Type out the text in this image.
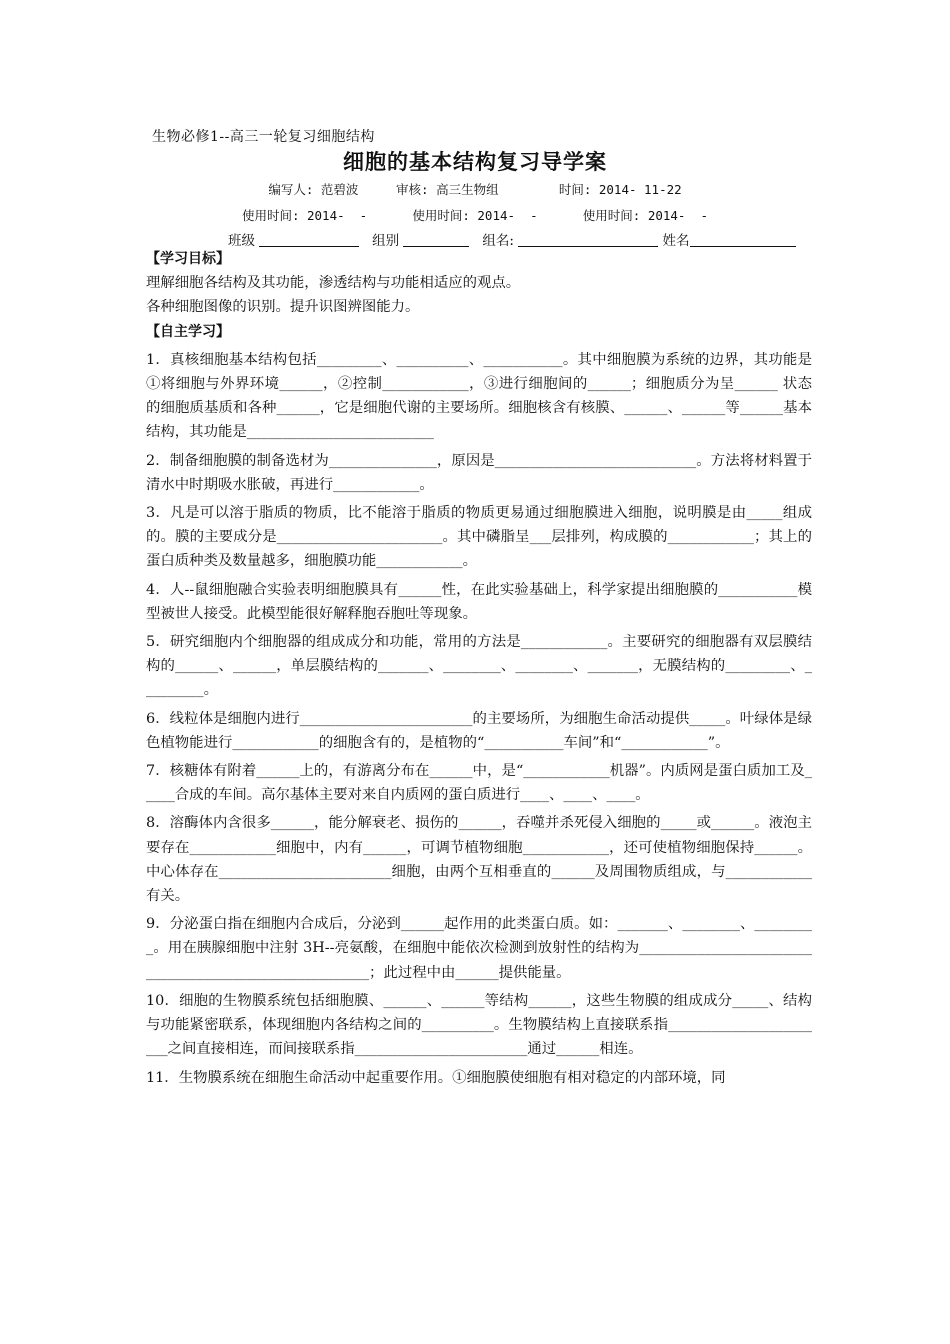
生物必修1--高三一轮复习细胞结构
细胞的基本结构复习导学案
编写人: 范碧波	审核: 高三生物组	时间: 2014- 11-22
使用时间: 2014-  -	使用时间: 2014-  -	使用时间: 2014-  -
班级	组别	组名:	姓名

【学习目标】

理解细胞各结构及其功能，渗透结构与功能相适应的观点。

各种细胞图像的识别。提升识图辨图能力。

【自主学习】

1．真核细胞基本结构包括_________、__________、___________。其中细胞膜为系统的边界，其功能是①将细胞与外界环境______，②控制____________，③进行细胞间的______；细胞质分为呈______ 状态的细胞质基质和各种______，它是细胞代谢的主要场所。细胞核含有核膜、______、______等______基本结构，其功能是__________________________

2．制备细胞膜的制备选材为_______________，原因是____________________________。方法将材料置于清水中时期吸水胀破，再进行____________。

3．凡是可以溶于脂质的物质，比不能溶于脂质的物质更易通过细胞膜进入细胞，说明膜是由_____组成的。膜的主要成分是_______________________。其中磷脂呈___层排列，构成膜的____________；其上的蛋白质种类及数量越多，细胞膜功能____________。

4．人--鼠细胞融合实验表明细胞膜具有______性，在此实验基础上，科学家提出细胞膜的___________模型被世人接受。此模型能很好解释胞吞胞吐等现象。

5．研究细胞内个细胞器的组成成分和功能，常用的方法是____________。主要研究的细胞器有双层膜结构的______、______，单层膜结构的_______、________、________、_______，无膜结构的_________、_________。

6．线粒体是细胞内进行________________________的主要场所，为细胞生命活动提供_____。叶绿体是绿色植物能进行____________的细胞含有的，是植物的“___________车间”和“____________”。

7．核糖体有附着______上的，有游离分布在______中，是“____________机器”。内质网是蛋白质加工及_____合成的车间。高尔基体主要对来自内质网的蛋白质进行____、____、____。

8．溶酶体内含很多______，能分解衰老、损伤的______，吞噬并杀死侵入细胞的_____或______。液泡主要存在____________细胞中，内有______，可调节植物细胞____________，还可使植物细胞保持______。中心体存在________________________细胞，由两个互相垂直的______及周围物质组成，与____________有关。

9．分泌蛋白指在细胞内合成后，分泌到______起作用的此类蛋白质。如：_______、________、_________。用在胰腺细胞中注射 3H--亮氨酸，在细胞中能依次检测到放射性的结构为_______________________________________________________；此过程中由______提供能量。

10．细胞的生物膜系统包括细胞膜、______、______等结构______，这些生物膜的组成成分_____、结构与功能紧密联系，体现细胞内各结构之间的__________。生物膜结构上直接联系指_______________________之间直接相连，而间接联系指________________________通过______相连。

11．生物膜系统在细胞生命活动中起重要作用。①细胞膜使细胞有相对稳定的内部环境，同
